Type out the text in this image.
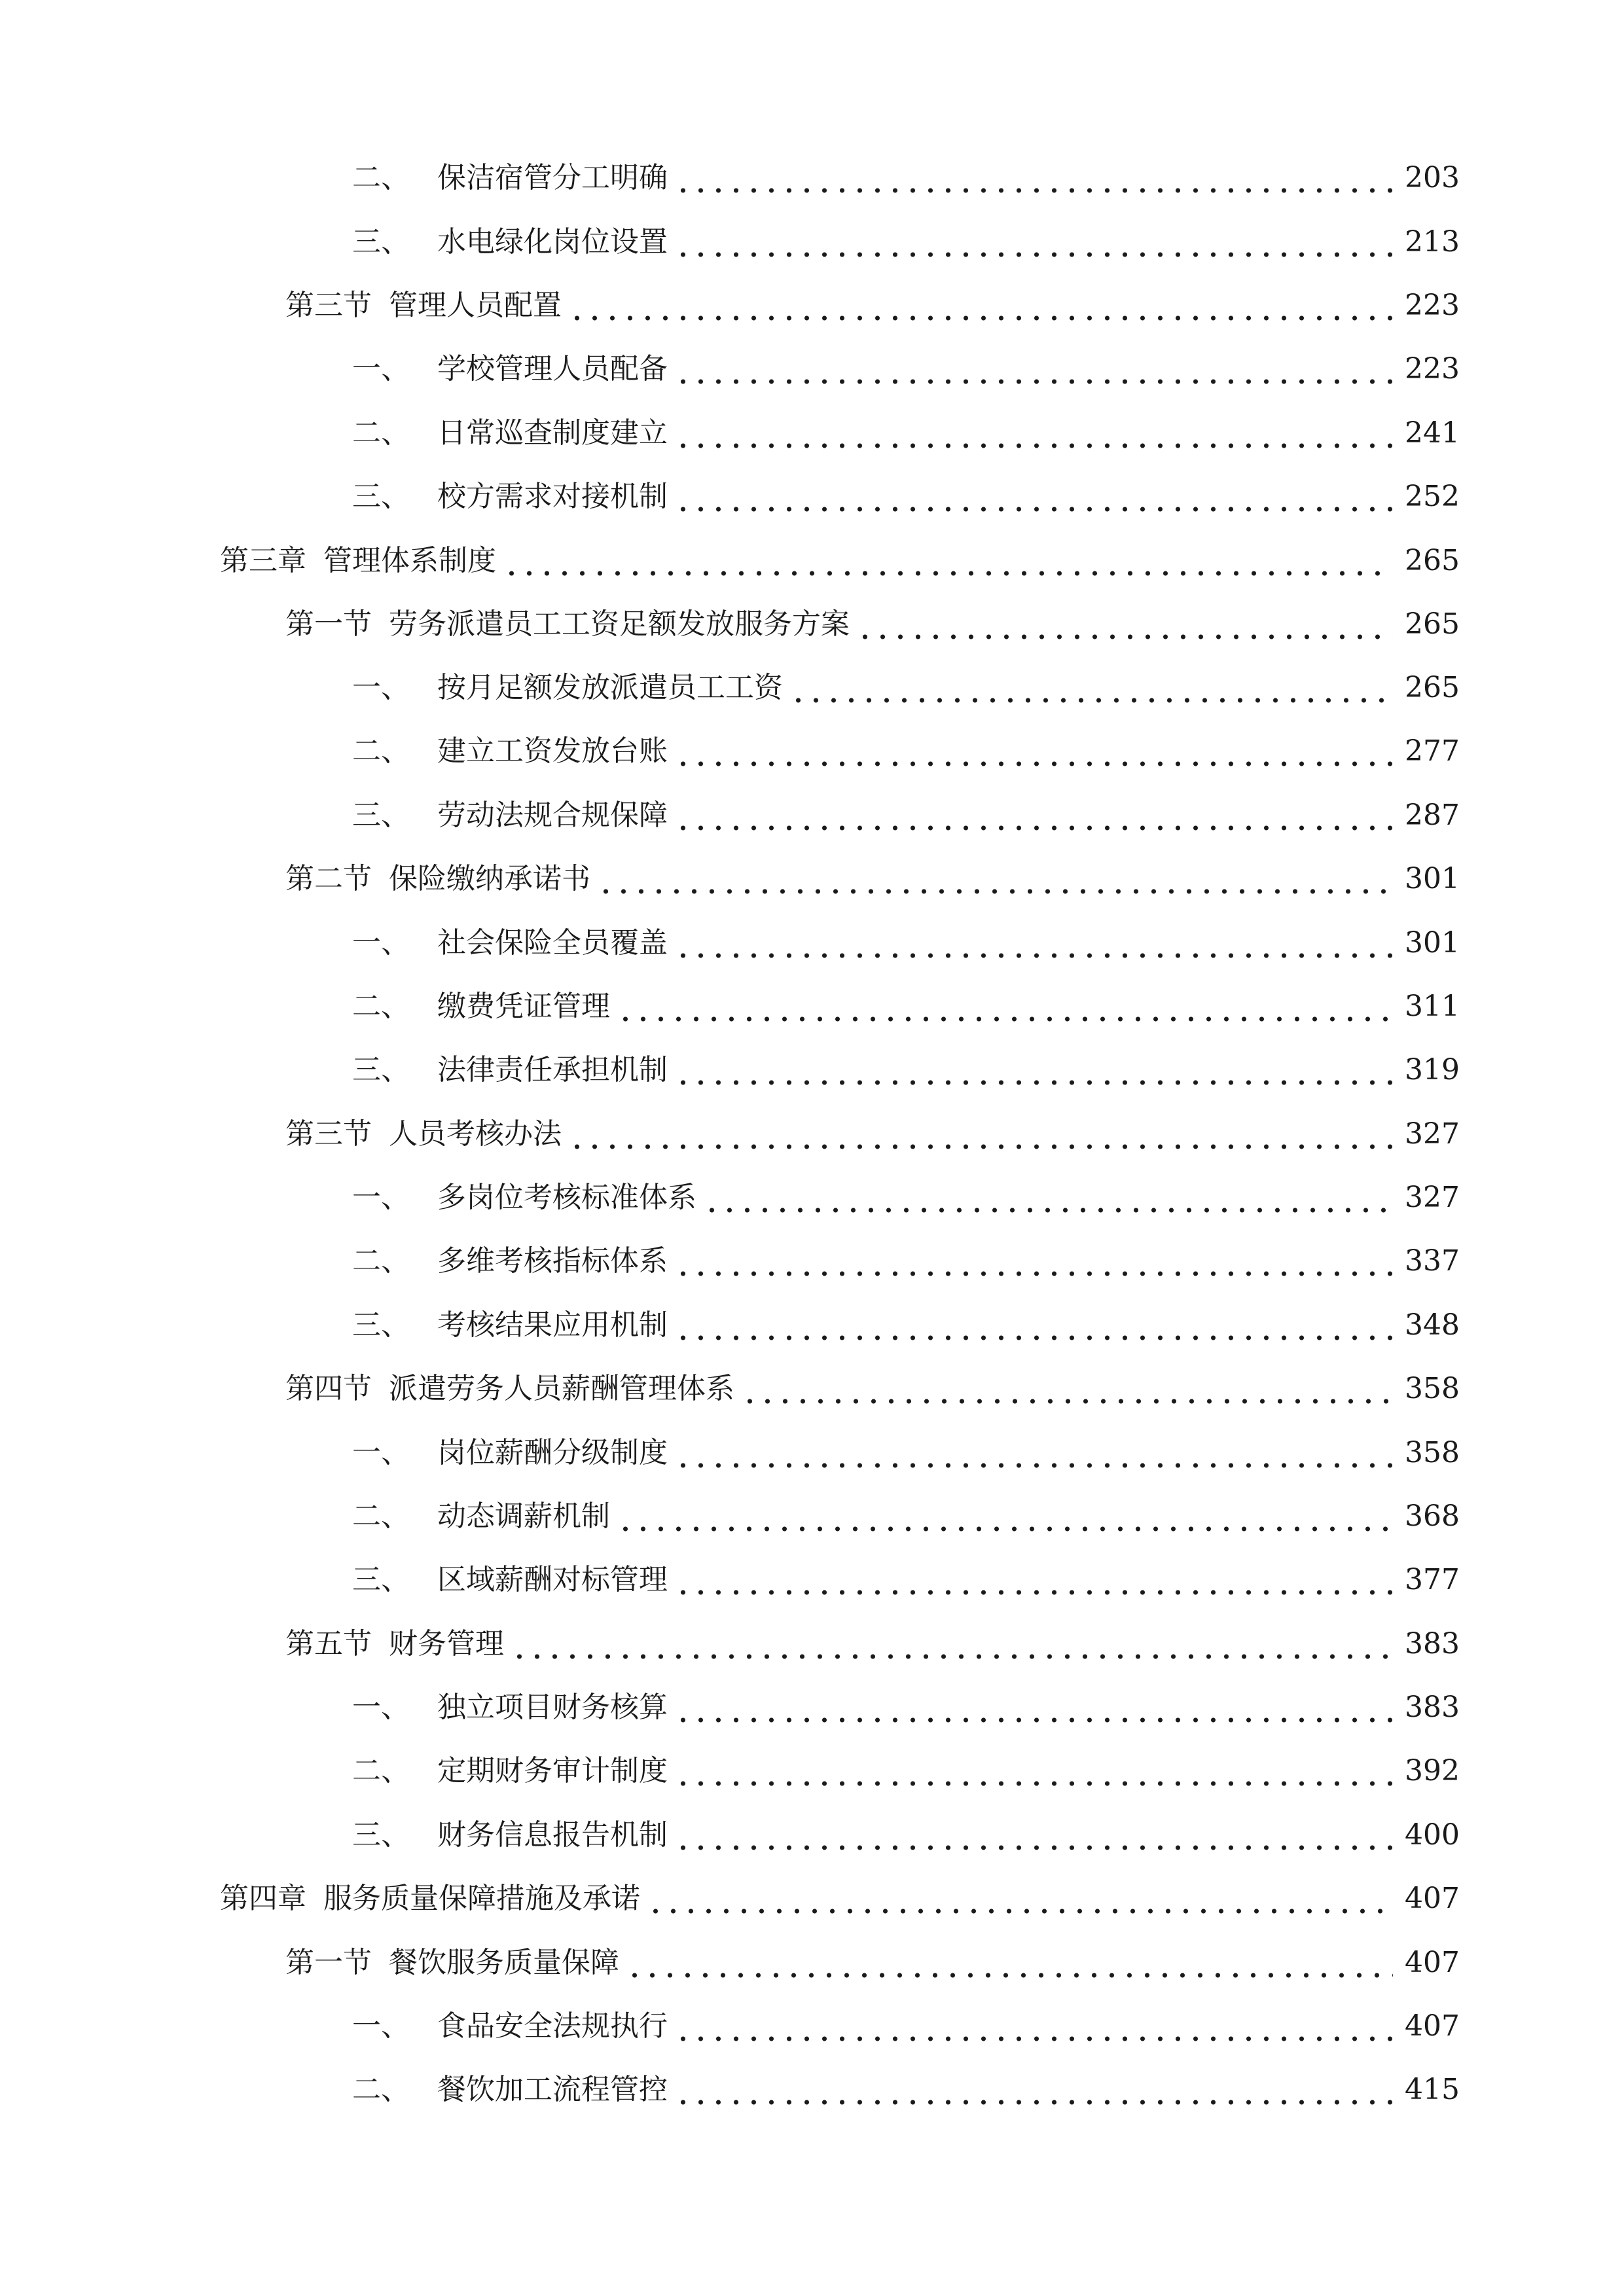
二、 保洁宿管分工明确	203
三、 水电绿化岗位设置	213
第三节 管理人员配置	223
一、 学校管理人员配备	223
二、 日常巡查制度建立	241
三、 校方需求对接机制	252
第三章 管理体系制度	265
第一节 劳务派遣员工工资足额发放服务方案	265
一、 按月足额发放派遣员工工资	265
二、 建立工资发放台账	277
三、 劳动法规合规保障	287
第二节 保险缴纳承诺书	301
一、 社会保险全员覆盖	301
二、 缴费凭证管理	311
三、 法律责任承担机制	319
第三节 人员考核办法	327
一、 多岗位考核标准体系	327
二、 多维考核指标体系	337
三、 考核结果应用机制	348
第四节 派遣劳务人员薪酬管理体系	358
一、 岗位薪酬分级制度	358
二、 动态调薪机制	368
三、 区域薪酬对标管理	377
第五节 财务管理	383
一、 独立项目财务核算	383
二、 定期财务审计制度	392
三、 财务信息报告机制	400
第四章 服务质量保障措施及承诺	407
第一节 餐饮服务质量保障	407
一、 食品安全法规执行	407
二、 餐饮加工流程管控	415
